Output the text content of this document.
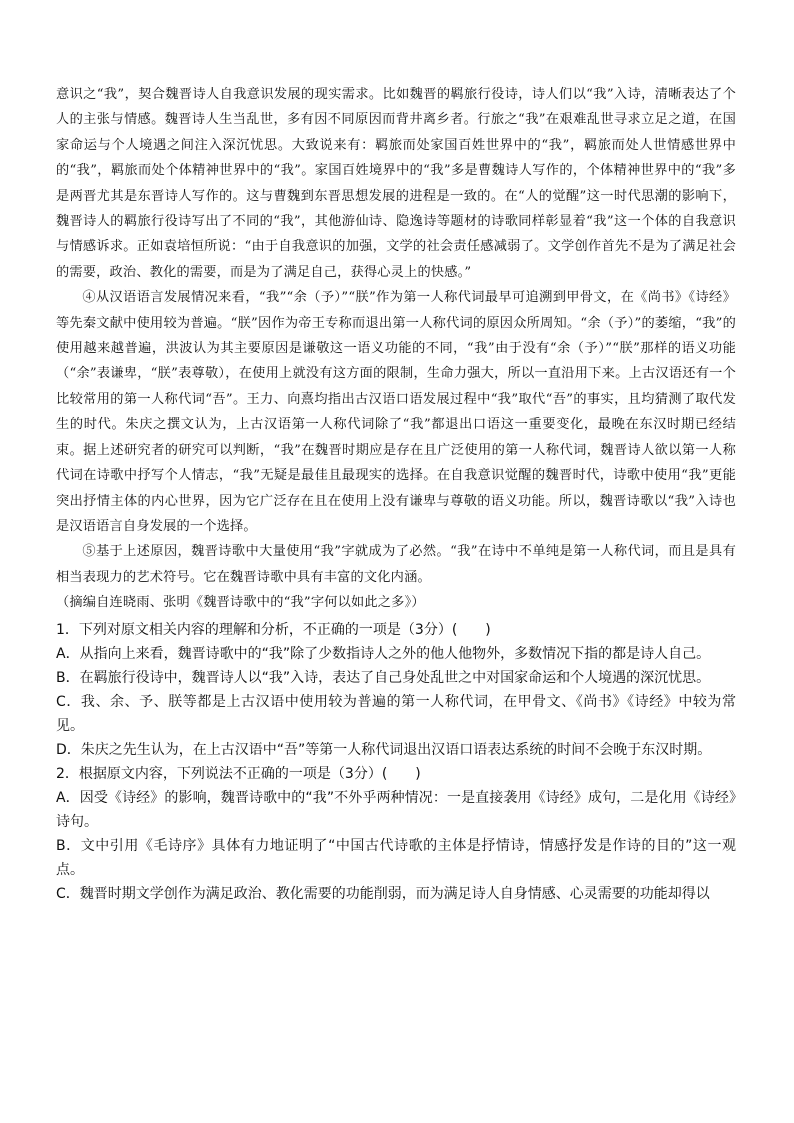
意识之“我”，契合魏晋诗人自我意识发展的现实需求。比如魏晋的羁旅行役诗，诗人们以“我”入诗，清晰表达了个人的主张与情感。魏晋诗人生当乱世，多有因不同原因而背井离乡者。行旅之“我”在艰难乱世寻求立足之道，在国家命运与个人境遇之间注入深沉忧思。大致说来有：羁旅而处家国百姓世界中的“我”，羁旅而处人世情感世界中的“我”，羁旅而处个体精神世界中的“我”。家国百姓境界中的“我”多是曹魏诗人写作的，个体精神世界中的“我”多是两晋尤其是东晋诗人写作的。这与曹魏到东晋思想发展的进程是一致的。在“人的觉醒”这一时代思潮的影响下，魏晋诗人的羁旅行役诗写出了不同的“我”，其他游仙诗、隐逸诗等题材的诗歌同样彰显着“我”这一个体的自我意识与情感诉求。正如袁培恒所说：“由于自我意识的加强，文学的社会责任感减弱了。文学创作首先不是为了满足社会的需要，政治、教化的需要，而是为了满足自己，获得心灵上的快感。”

④从汉语语言发展情况来看，“我”“余（予）”“朕”作为第一人称代词最早可追溯到甲骨文，在《尚书》《诗经》等先秦文献中使用较为普遍。“朕”因作为帝王专称而退出第一人称代词的原因众所周知。“余（予）”的萎缩，“我”的使用越来越普遍，洪波认为其主要原因是谦敬这一语义功能的不同，“我”由于没有“余（予）”“朕”那样的语义功能（“余”表谦卑，“朕”表尊敬），在使用上就没有这方面的限制，生命力强大，所以一直沿用下来。上古汉语还有一个比较常用的第一人称代词“吾”。王力、向熹均指出古汉语口语发展过程中“我”取代“吾”的事实，且均猜测了取代发生的时代。朱庆之撰文认为，上古汉语第一人称代词除了“我”都退出口语这一重要变化，最晚在东汉时期已经结束。据上述研究者的研究可以判断，“我”在魏晋时期应是存在且广泛使用的第一人称代词，魏晋诗人欲以第一人称代词在诗歌中抒写个人情志，“我”无疑是最佳且最现实的选择。在自我意识觉醒的魏晋时代，诗歌中使用“我”更能突出抒情主体的内心世界，因为它广泛存在且在使用上没有谦卑与尊敬的语义功能。所以，魏晋诗歌以“我”入诗也是汉语语言自身发展的一个选择。

⑤基于上述原因，魏晋诗歌中大量使用“我”字就成为了必然。“我”在诗中不单纯是第一人称代词，而且是具有相当表现力的艺术符号。它在魏晋诗歌中具有丰富的文化内涵。

（摘编自连晓雨、张明《魏晋诗歌中的“我”字何以如此之多》）

1．下列对原文相关内容的理解和分析，不正确的一项是（3分）(　　)

A．从指向上来看，魏晋诗歌中的“我”除了少数指诗人之外的他人他物外，多数情况下指的都是诗人自己。

B．在羁旅行役诗中，魏晋诗人以“我”入诗，表达了自己身处乱世之中对国家命运和个人境遇的深沉忧思。

C．我、余、予、朕等都是上古汉语中使用较为普遍的第一人称代词，在甲骨文、《尚书》《诗经》中较为常见。

D．朱庆之先生认为，在上古汉语中“吾”等第一人称代词退出汉语口语表达系统的时间不会晚于东汉时期。

2．根据原文内容，下列说法不正确的一项是（3分）(　　)

A．因受《诗经》的影响，魏晋诗歌中的“我”不外乎两种情况：一是直接袭用《诗经》成句，二是化用《诗经》诗句。

B．文中引用《毛诗序》具体有力地证明了“中国古代诗歌的主体是抒情诗，情感抒发是作诗的目的”这一观点。

C．魏晋时期文学创作为满足政治、教化需要的功能削弱，而为满足诗人自身情感、心灵需要的功能却得以
